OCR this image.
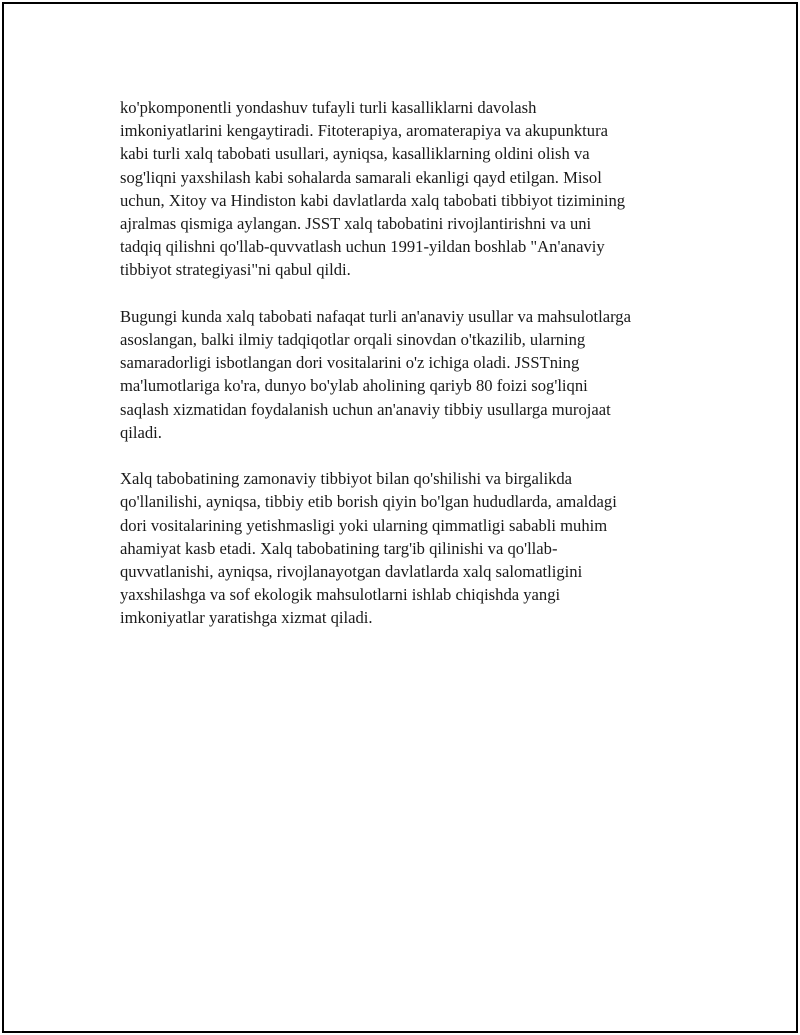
ko'pkomponentli yondashuv tufayli turli kasalliklarni davolash
imkoniyatlarini kengaytiradi. Fitoterapiya, aromaterapiya va akupunktura
kabi turli xalq tabobati usullari, ayniqsa, kasalliklarning oldini olish va
sog'liqni yaxshilash kabi sohalarda samarali ekanligi qayd etilgan. Misol
uchun, Xitoy va Hindiston kabi davlatlarda xalq tabobati tibbiyot tizimining
ajralmas qismiga aylangan. JSST xalq tabobatini rivojlantirishni va uni
tadqiq qilishni qo'llab-quvvatlash uchun 1991-yildan boshlab "An'anaviy
tibbiyot strategiyasi"ni qabul qildi.

Bugungi kunda xalq tabobati nafaqat turli an'anaviy usullar va mahsulotlarga
asoslangan, balki ilmiy tadqiqotlar orqali sinovdan o'tkazilib, ularning
samaradorligi isbotlangan dori vositalarini o'z ichiga oladi. JSSTning
ma'lumotlariga ko'ra, dunyo bo'ylab aholining qariyb 80 foizi sog'liqni
saqlash xizmatidan foydalanish uchun an'anaviy tibbiy usullarga murojaat
qiladi.

Xalq tabobatining zamonaviy tibbiyot bilan qo'shilishi va birgalikda
qo'llanilishi, ayniqsa, tibbiy etib borish qiyin bo'lgan hududlarda, amaldagi
dori vositalarining yetishmasligi yoki ularning qimmatligi sababli muhim
ahamiyat kasb etadi. Xalq tabobatining targ'ib qilinishi va qo'llab-
quvvatlanishi, ayniqsa, rivojlanayotgan davlatlarda xalq salomatligini
yaxshilashga va sof ekologik mahsulotlarni ishlab chiqishda yangi
imkoniyatlar yaratishga xizmat qiladi.
